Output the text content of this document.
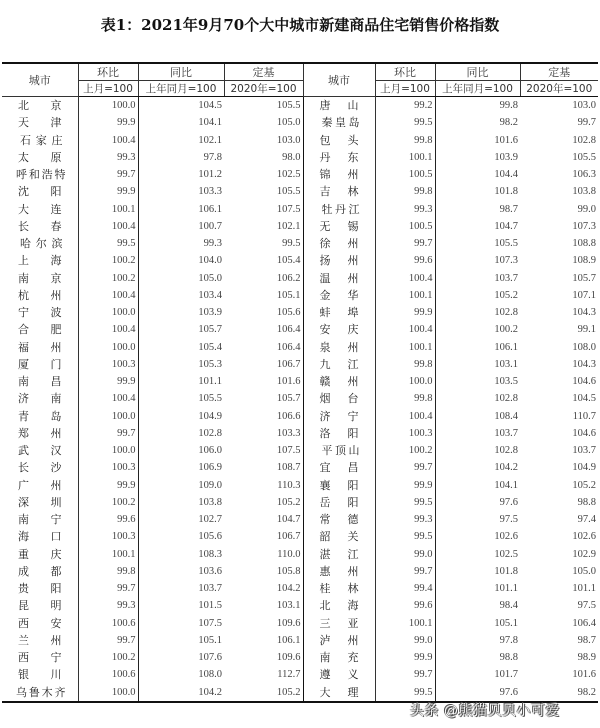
表1：2021年9月70个大中城市新建商品住宅销售价格指数
城市	环比	同比	定基	城市	环比	同比	定基
	上月=100	上年同月=100	2020年=100		上月=100	上年同月=100	2020年=100
北京	100.0	104.5	105.5	唐山	99.2	99.8	103.0
天津	99.9	104.1	105.0	秦皇岛	99.5	98.2	99.7
石家庄	100.4	102.1	103.0	包头	99.8	101.6	102.8
太原	99.3	97.8	98.0	丹东	100.1	103.9	105.5
呼和浩特	99.7	101.2	102.5	锦州	100.5	104.4	106.3
沈阳	99.9	103.3	105.5	吉林	99.8	101.8	103.8
大连	100.1	106.1	107.5	牡丹江	99.3	98.7	99.0
长春	100.4	100.7	102.1	无锡	100.5	104.7	107.3
哈尔滨	99.5	99.3	99.5	徐州	99.7	105.5	108.8
上海	100.2	104.0	105.4	扬州	99.6	107.3	108.9
南京	100.2	105.0	106.2	温州	100.4	103.7	105.7
杭州	100.4	103.4	105.1	金华	100.1	105.2	107.1
宁波	100.0	103.9	105.6	蚌埠	99.9	102.8	104.3
合肥	100.4	105.7	106.4	安庆	100.4	100.2	99.1
福州	100.0	105.4	106.4	泉州	100.1	106.1	108.0
厦门	100.3	105.3	106.7	九江	99.8	103.1	104.3
南昌	99.9	101.1	101.6	赣州	100.0	103.5	104.6
济南	100.4	105.5	105.7	烟台	99.8	102.8	104.5
青岛	100.0	104.9	106.6	济宁	100.4	108.4	110.7
郑州	99.7	102.8	103.3	洛阳	100.3	103.7	104.6
武汉	100.0	106.0	107.5	平顶山	100.2	102.8	103.7
长沙	100.3	106.9	108.7	宜昌	99.7	104.2	104.9
广州	99.9	109.0	110.3	襄阳	99.9	104.1	105.2
深圳	100.2	103.8	105.2	岳阳	99.5	97.6	98.8
南宁	99.6	102.7	104.7	常德	99.3	97.5	97.4
海口	100.3	105.6	106.7	韶关	99.5	102.6	102.6
重庆	100.1	108.3	110.0	湛江	99.0	102.5	102.9
成都	99.8	103.6	105.8	惠州	99.7	101.8	105.0
贵阳	99.7	103.7	104.2	桂林	99.4	101.1	101.1
昆明	99.3	101.5	103.1	北海	99.6	98.4	97.5
西安	100.6	107.5	109.6	三亚	100.1	105.1	106.4
兰州	99.7	105.1	106.1	泸州	99.0	97.8	98.7
西宁	100.2	107.6	109.6	南充	99.9	98.8	98.9
银川	100.6	108.0	112.7	遵义	99.7	101.7	101.6
乌鲁木齐	100.0	104.2	105.2	大理	99.5	97.6	98.2
头条 @熊猫贝贝小可爱
